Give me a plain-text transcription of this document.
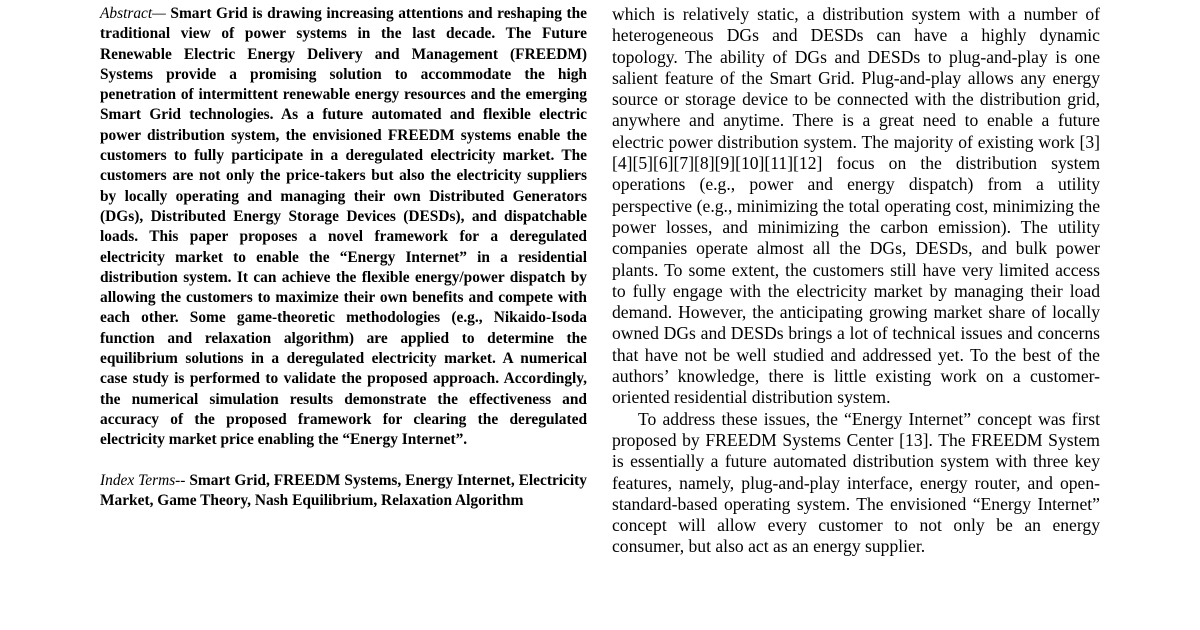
Abstract— Smart Grid is drawing increasing attentions and reshaping the traditional view of power systems in the last decade. The Future Renewable Electric Energy Delivery and Management (FREEDM) Systems provide a promising solution to accommodate the high penetration of intermittent renewable energy resources and the emerging Smart Grid technologies. As a future automated and flexible electric power distribution system, the envisioned FREEDM systems enable the customers to fully participate in a deregulated electricity market. The customers are not only the price-takers but also the electricity suppliers by locally operating and managing their own Distributed Generators (DGs), Distributed Energy Storage Devices (DESDs), and dispatchable loads. This paper proposes a novel framework for a deregulated electricity market to enable the “Energy Internet” in a residential distribution system. It can achieve the flexible energy/power dispatch by allowing the customers to maximize their own benefits and compete with each other. Some game-theoretic methodologies (e.g., Nikaido-Isoda function and relaxation algorithm) are applied to determine the equilibrium solutions in a deregulated electricity market. A numerical case study is performed to validate the proposed approach. Accordingly, the numerical simulation results demonstrate the effectiveness and accuracy of the proposed framework for clearing the deregulated electricity market price enabling the “Energy Internet”.

Index Terms-- Smart Grid, FREEDM Systems, Energy Internet, Electricity Market, Game Theory, Nash Equilibrium, Relaxation Algorithm

which is relatively static, a distribution system with a number of heterogeneous DGs and DESDs can have a highly dynamic topology. The ability of DGs and DESDs to plug-and-play is one salient feature of the Smart Grid. Plug-and-play allows any energy source or storage device to be connected with the distribution grid, anywhere and anytime. There is a great need to enable a future electric power distribution system. The majority of existing work [3][4][5][6][7][8][9][10][11][12] focus on the distribution system operations (e.g., power and energy dispatch) from a utility perspective (e.g., minimizing the total operating cost, minimizing the power losses, and minimizing the carbon emission). The utility companies operate almost all the DGs, DESDs, and bulk power plants. To some extent, the customers still have very limited access to fully engage with the electricity market by managing their load demand. However, the anticipating growing market share of locally owned DGs and DESDs brings a lot of technical issues and concerns that have not be well studied and addressed yet. To the best of the authors’ knowledge, there is little existing work on a customer-oriented residential distribution system.

To address these issues, the “Energy Internet” concept was first proposed by FREEDM Systems Center [13]. The FREEDM System is essentially a future automated distribution system with three key features, namely, plug-and-play interface, energy router, and open-standard-based operating system. The envisioned “Energy Internet” concept will allow every customer to not only be an energy consumer, but also act as an energy supplier.
